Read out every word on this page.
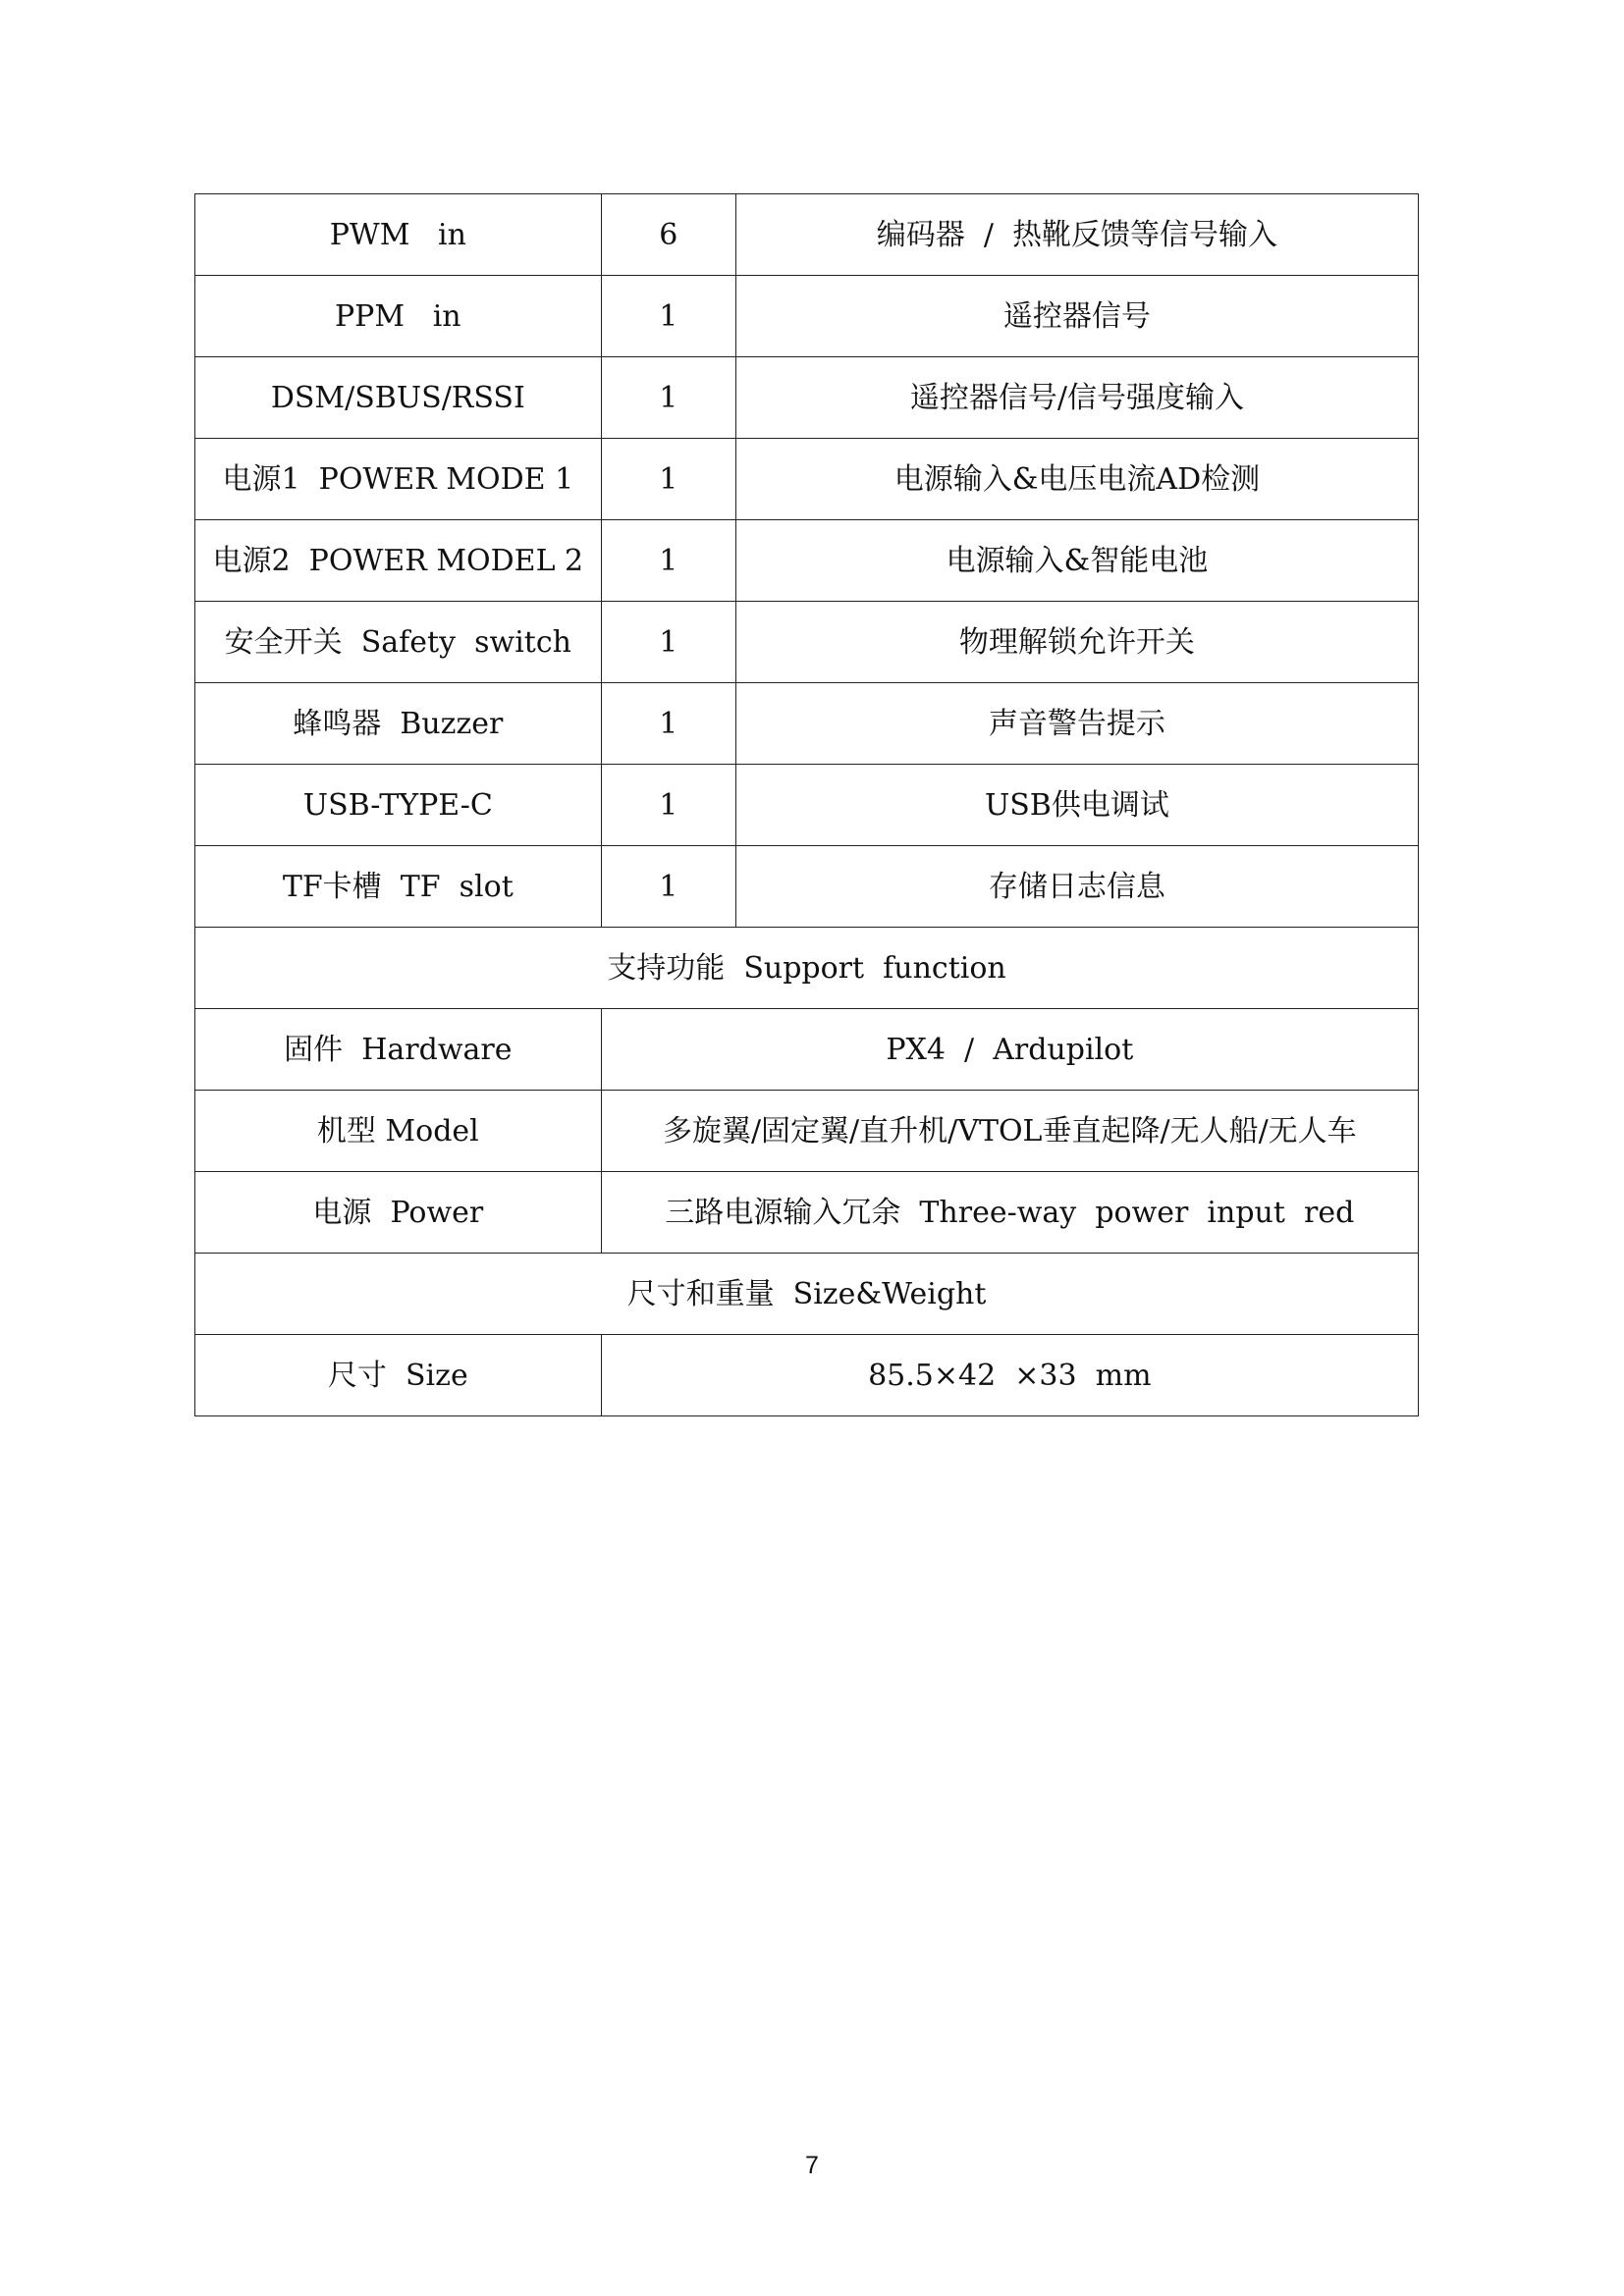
PWM   in	6	编码器  /  热靴反馈等信号输入
PPM   in	1	遥控器信号
DSM/SBUS/RSSI	1	遥控器信号/信号强度输入
电源1  POWER MODE 1	1	电源输入&电压电流AD检测
电源2  POWER MODEL 2	1	电源输入&智能电池
安全开关  Safety  switch	1	物理解锁允许开关
蜂鸣器  Buzzer	1	声音警告提示
USB-TYPE-C	1	USB供电调试
TF卡槽  TF  slot	1	存储日志信息
支持功能  Support  function		
固件  Hardware	PX4  /  Ardupilot	
机型 Model	多旋翼/固定翼/直升机/VTOL垂直起降/无人船/无人车	
电源  Power	三路电源输入冗余  Three-way  power  input  red	
尺寸和重量  Size&Weight		
尺寸  Size	85.5×42  ×33  mm	
7
